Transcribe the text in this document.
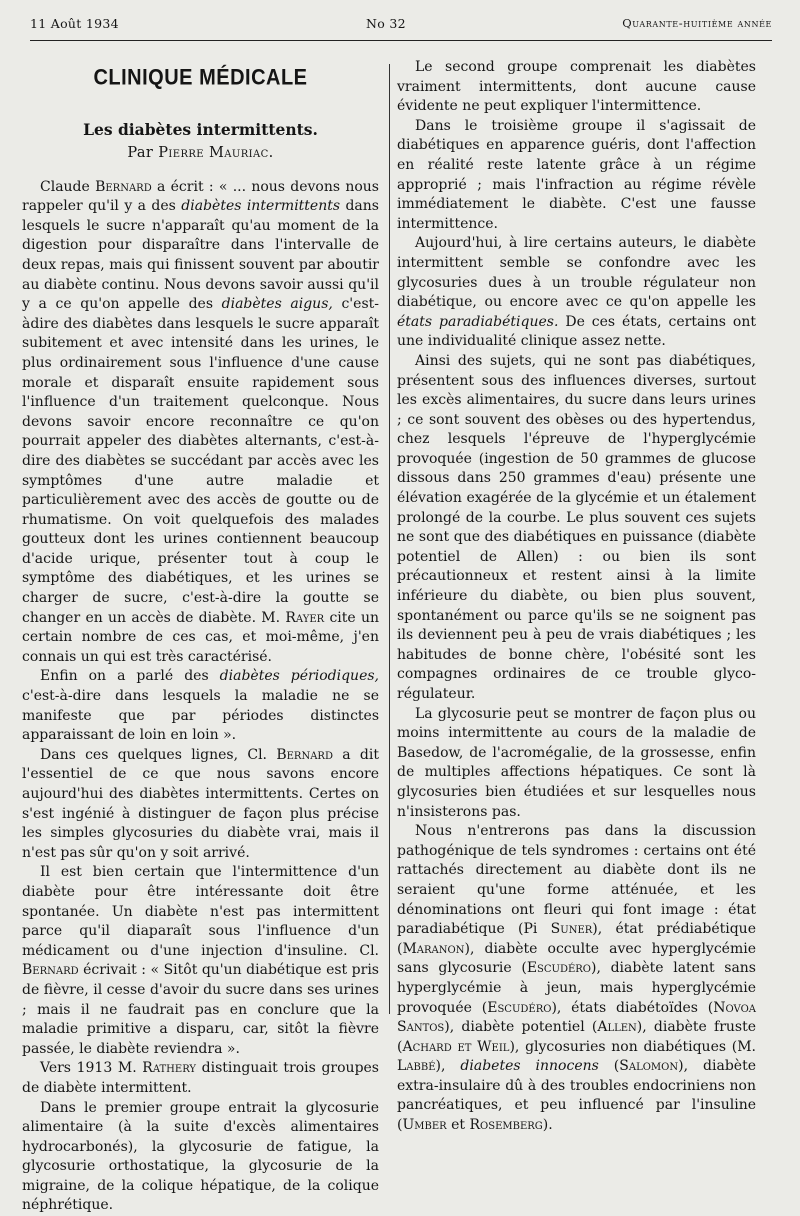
11 Août 1934	No 32	Quarante-huitième année
CLINIQUE MÉDICALE
Les diabètes intermittents.
Par Pierre Mauriac.

Claude Bernard a écrit : « ... nous devons nous rappeler qu'il y a des diabètes intermittents dans lesquels le sucre n'apparaît qu'au moment de la digestion pour disparaître dans l'intervalle de deux repas, mais qui finissent souvent par aboutir au diabète continu. Nous devons savoir aussi qu'il y a ce qu'on appelle des diabètes aigus, c'est-àdire des diabètes dans lesquels le sucre apparaît subitement et avec intensité dans les urines, le plus ordinairement sous l'influence d'une cause morale et disparaît ensuite rapidement sous l'influence d'un traitement quelconque. Nous devons savoir encore reconnaître ce qu'on pourrait appeler des diabètes alternants, c'est-à-dire des diabètes se succédant par accès avec les symptômes d'une autre maladie et particulièrement avec des accès de goutte ou de rhumatisme. On voit quelquefois des malades goutteux dont les urines contiennent beaucoup d'acide urique, présenter tout à coup le symptôme des diabétiques, et les urines se charger de sucre, c'est-à-dire la goutte se changer en un accès de diabète. M. Rayer cite un certain nombre de ces cas, et moi-même, j'en connais un qui est très caractérisé.

Enfin on a parlé des diabètes périodiques, c'est-à-dire dans lesquels la maladie ne se manifeste que par périodes distinctes apparaissant de loin en loin ».

Dans ces quelques lignes, Cl. Bernard a dit l'essentiel de ce que nous savons encore aujourd'hui des diabètes intermittents. Certes on s'est ingénié à distinguer de façon plus précise les simples glycosuries du diabète vrai, mais il n'est pas sûr qu'on y soit arrivé.

Il est bien certain que l'intermittence d'un diabète pour être intéressante doit être spontanée. Un diabète n'est pas intermittent parce qu'il diaparaît sous l'influence d'un médicament ou d'une injection d'insuline. Cl. Bernard écrivait : « Sitôt qu'un diabétique est pris de fièvre, il cesse d'avoir du sucre dans ses urines ; mais il ne faudrait pas en conclure que la maladie primitive a disparu, car, sitôt la fièvre passée, le diabète reviendra ».

Vers 1913 M. Rathery distinguait trois groupes de diabète intermittent.

Dans le premier groupe entrait la glycosurie alimentaire (à la suite d'excès alimentaires hydrocarbonés), la glycosurie de fatigue, la glycosurie orthostatique, la glycosurie de la migraine, de la colique hépatique, de la colique néphrétique.

Le second groupe comprenait les diabètes vraiment intermittents, dont aucune cause évidente ne peut expliquer l'intermittence.

Dans le troisième groupe il s'agissait de diabétiques en apparence guéris, dont l'affection en réalité reste latente grâce à un régime approprié ; mais l'infraction au régime révèle immédiatement le diabète. C'est une fausse intermittence.

Aujourd'hui, à lire certains auteurs, le diabète intermittent semble se confondre avec les glycosuries dues à un trouble régulateur non diabétique, ou encore avec ce qu'on appelle les états paradiabétiques. De ces états, certains ont une individualité clinique assez nette.

Ainsi des sujets, qui ne sont pas diabétiques, présentent sous des influences diverses, surtout les excès alimentaires, du sucre dans leurs urines ; ce sont souvent des obèses ou des hypertendus, chez lesquels l'épreuve de l'hyperglycémie provoquée (ingestion de 50 grammes de glucose dissous dans 250 grammes d'eau) présente une élévation exagérée de la glycémie et un étalement prolongé de la courbe. Le plus souvent ces sujets ne sont que des diabétiques en puissance (diabète potentiel de Allen) : ou bien ils sont précautionneux et restent ainsi à la limite inférieure du diabète, ou bien plus souvent, spontanément ou parce qu'ils se ne soignent pas ils deviennent peu à peu de vrais diabétiques ; les habitudes de bonne chère, l'obésité sont les compagnes ordinaires de ce trouble glyco-régulateur.

La glycosurie peut se montrer de façon plus ou moins intermittente au cours de la maladie de Basedow, de l'acromégalie, de la grossesse, enfin de multiples affections hépatiques. Ce sont là glycosuries bien étudiées et sur lesquelles nous n'insisterons pas.

Nous n'entrerons pas dans la discussion pathogénique de tels syndromes : certains ont été rattachés directement au diabète dont ils ne seraient qu'une forme atténuée, et les dénominations ont fleuri qui font image : état paradiabétique (Pi Suner), état prédiabétique (Maranon), diabète occulte avec hyperglycémie sans glycosurie (Escudéro), diabète latent sans hyperglycémie à jeun, mais hyperglycémie provoquée (Escudéro), états diabétoïdes (Novoa Santos), diabète potentiel (Allen), diabète fruste (Achard et Weil), glycosuries non diabétiques (M. Labbé), diabetes innocens (Salomon), diabète extra-insulaire dû à des troubles endocriniens non pancréatiques, et peu influencé par l'insuline (Umber et Rosemberg).
